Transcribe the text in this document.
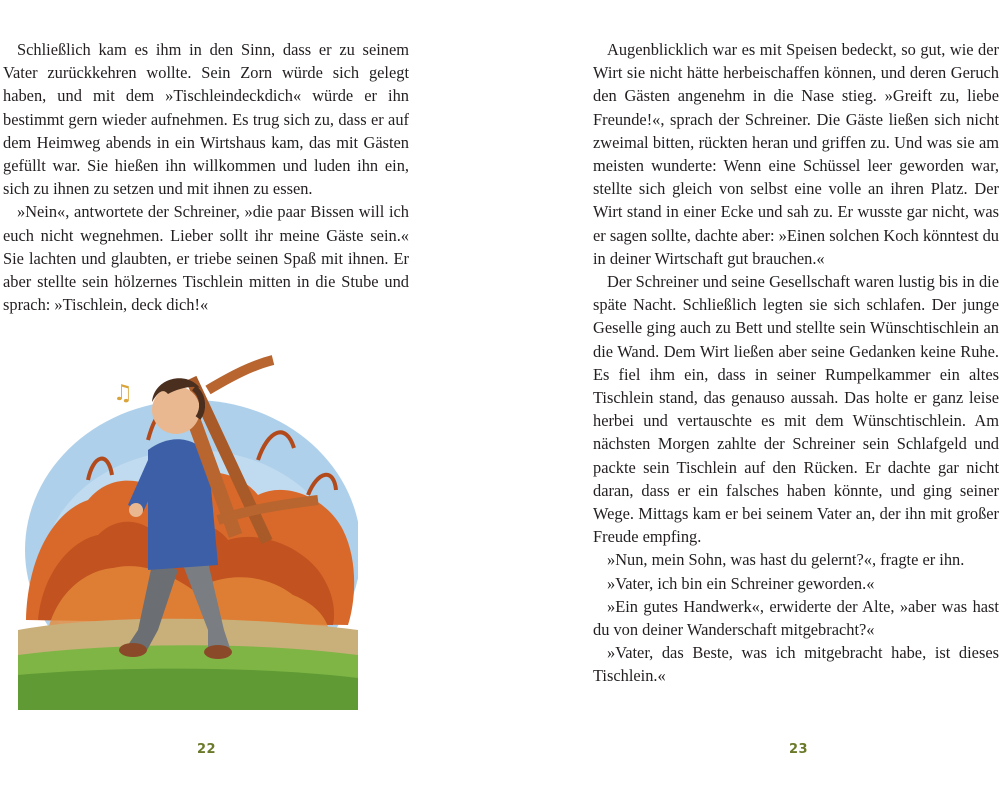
Schließlich kam es ihm in den Sinn, dass er zu seinem Vater zurückkehren wollte. Sein Zorn würde sich gelegt haben, und mit dem »Tischleindeckdich« würde er ihn bestimmt gern wieder aufnehmen. Es trug sich zu, dass er auf dem Heimweg abends in ein Wirtshaus kam, das mit Gästen gefüllt war. Sie hießen ihn willkommen und luden ihn ein, sich zu ihnen zu setzen und mit ihnen zu essen.

»Nein«, antwortete der Schreiner, »die paar Bissen will ich euch nicht wegnehmen. Lieber sollt ihr meine Gäste sein.« Sie lachten und glaubten, er triebe seinen Spaß mit ihnen. Er aber stellte sein hölzernes Tischlein mitten in die Stube und sprach: »Tischlein, deck dich!«

♫
22

Augenblicklich war es mit Speisen bedeckt, so gut, wie der Wirt sie nicht hätte herbeischaffen können, und deren Geruch den Gästen angenehm in die Nase stieg. »Greift zu, liebe Freunde!«, sprach der Schreiner. Die Gäste ließen sich nicht zweimal bitten, rückten heran und griffen zu. Und was sie am meisten wunderte: Wenn eine Schüssel leer geworden war, stellte sich gleich von selbst eine volle an ihren Platz. Der Wirt stand in einer Ecke und sah zu. Er wusste gar nicht, was er sagen sollte, dachte aber: »Einen solchen Koch könntest du in deiner Wirtschaft gut brauchen.«

Der Schreiner und seine Gesellschaft waren lustig bis in die späte Nacht. Schließlich legten sie sich schlafen. Der junge Geselle ging auch zu Bett und stellte sein Wünschtischlein an die Wand. Dem Wirt ließen aber seine Gedanken keine Ruhe. Es fiel ihm ein, dass in seiner Rumpelkammer ein altes Tischlein stand, das genauso aussah. Das holte er ganz leise herbei und vertauschte es mit dem Wünschtischlein. Am nächsten Morgen zahlte der Schreiner sein Schlafgeld und packte sein Tischlein auf den Rücken. Er dachte gar nicht daran, dass er ein falsches haben könnte, und ging seiner Wege. Mittags kam er bei seinem Vater an, der ihn mit großer Freude empfing.

»Nun, mein Sohn, was hast du gelernt?«, fragte er ihn.

»Vater, ich bin ein Schreiner geworden.«

»Ein gutes Handwerk«, erwiderte der Alte, »aber was hast du von deiner Wanderschaft mitgebracht?«

»Vater, das Beste, was ich mitgebracht habe, ist dieses Tischlein.«

23
